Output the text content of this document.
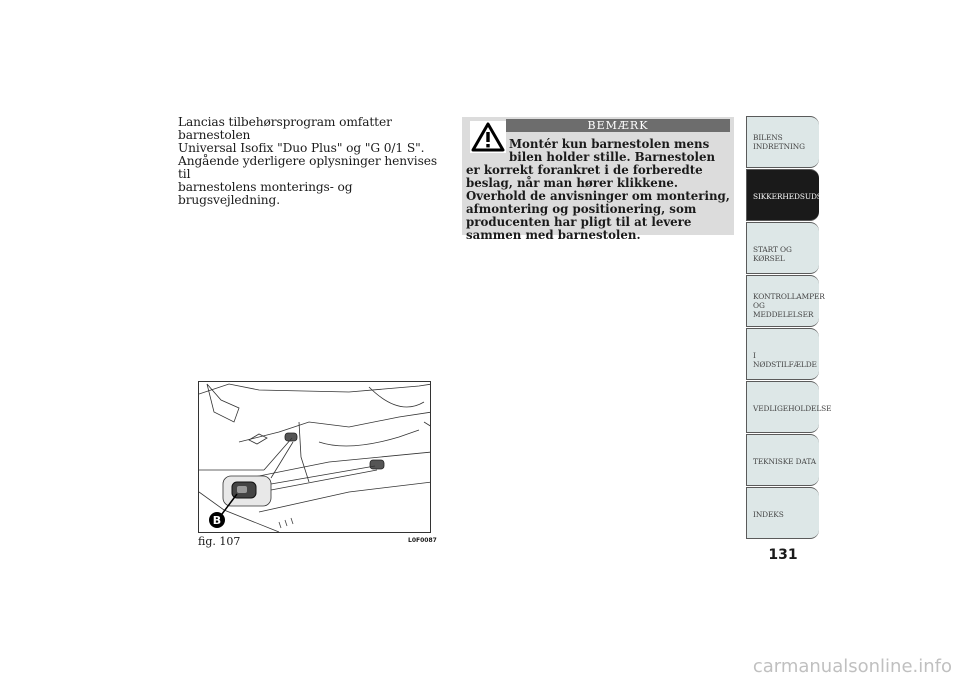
Lancias tilbehørsprogram omfatter barnestolen

Universal Isofix "Duo Plus" og "G 0/1 S".

Angående yderligere oplysninger henvises til

barnestolens monterings- og brugsvejledning.

BEMÆRK
Montér kun barnestolen mens bilen holder stille. Barnestolen er korrekt forankret i de forberedte beslag, når man hører klikkene. Overhold de anvisninger om montering, afmontering og positionering, som producenten har pligt til at levere sammen med barnestolen.
B
fig. 107	L0F0087
BILENS
INDRETNING
SIKKERHEDSUDSTYR
START OG KØRSEL
KONTROLLAMPER
OG MEDDELELSER
I NØDSTILFÆLDE
VEDLIGEHOLDELSE
TEKNISKE DATA
INDEKS
131
carmanualsonline.info
